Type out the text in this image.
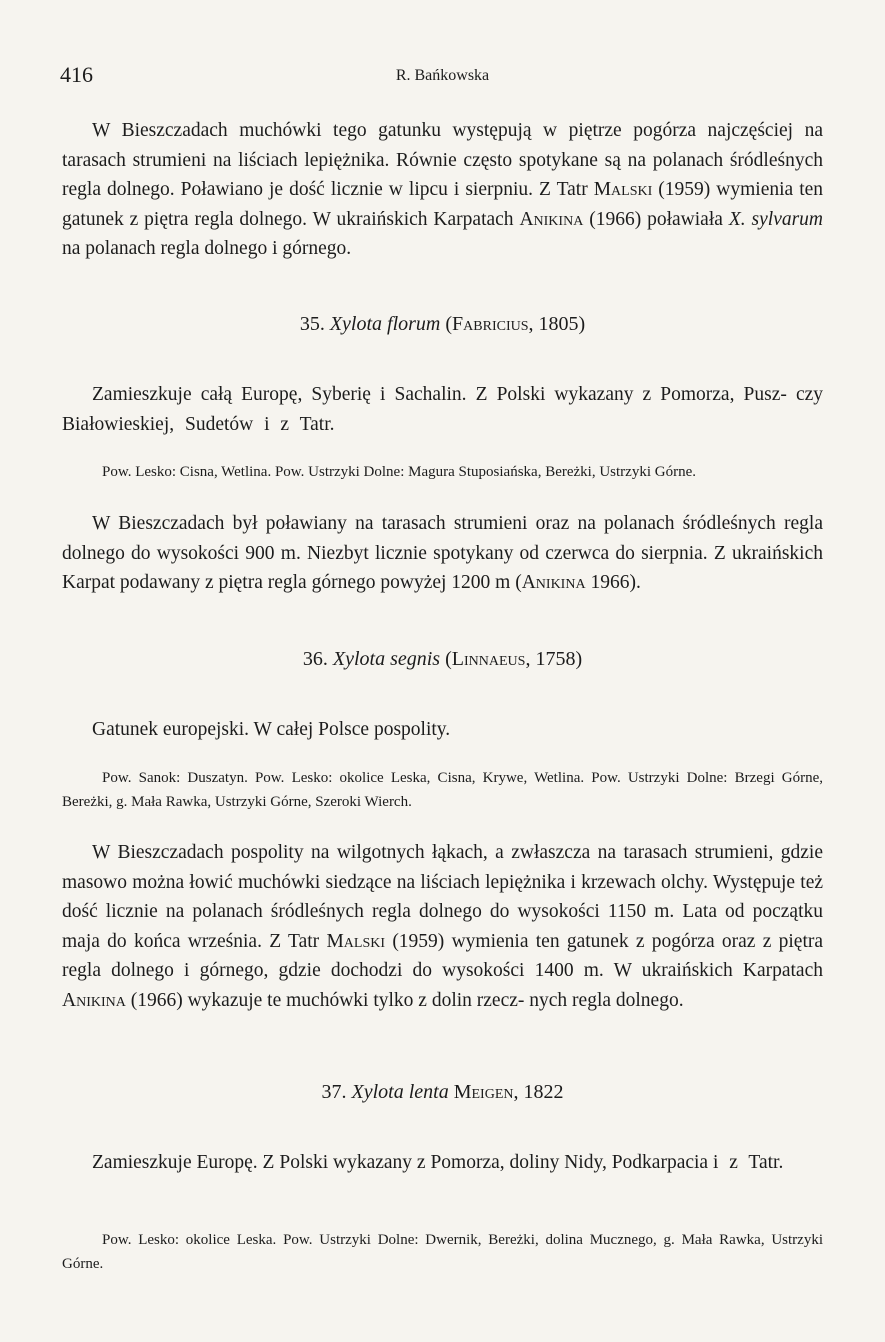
416	R. Bańkowska
W Bieszczadach muchówki tego gatunku występują w piętrze pogórza najczęściej na tarasach strumieni na liściach lepiężnika. Równie często spotykane są na polanach śródleśnych regla dolnego. Poławiano je dość licznie w lipcu i sierpniu. Z Tatr Malski (1959) wymienia ten gatunek z piętra regla dolnego. W ukraińskich Karpatach Anikina (1966) poławiała X. sylvarum na polanach regla dolnego i górnego.
35. Xylota florum (Fabricius, 1805)
Zamieszkuje całą Europę, Syberię i Sachalin. Z Polski wykazany z Pomorza, Pusz- czy Białowieskiej, Sudetów i z Tatr.
Pow. Lesko: Cisna, Wetlina. Pow. Ustrzyki Dolne: Magura Stuposiańska, Bereżki, Ustrzyki Górne.
W Bieszczadach był poławiany na tarasach strumieni oraz na polanach śródleśnych regla dolnego do wysokości 900 m. Niezbyt licznie spotykany od czerwca do sierpnia. Z ukraińskich Karpat podawany z piętra regla górnego powyżej 1200 m (Anikina 1966).
36. Xylota segnis (Linnaeus, 1758)
Gatunek europejski. W całej Polsce pospolity.
Pow. Sanok: Duszatyn. Pow. Lesko: okolice Leska, Cisna, Krywe, Wetlina. Pow. Ustrzyki Dolne: Brzegi Górne, Bereżki, g. Mała Rawka, Ustrzyki Górne, Szeroki Wierch.
W Bieszczadach pospolity na wilgotnych łąkach, a zwłaszcza na tarasach strumieni, gdzie masowo można łowić muchówki siedzące na liściach lepiężnika i krzewach olchy. Występuje też dość licznie na polanach śródleśnych regla dolnego do wysokości 1150 m. Lata od początku maja do końca września. Z Tatr Malski (1959) wymienia ten gatunek z pogórza oraz z piętra regla dolnego i górnego, gdzie dochodzi do wysokości 1400 m. W ukraińskich Karpatach Anikina (1966) wykazuje te muchówki tylko z dolin rzecz- nych regla dolnego.
37. Xylota lenta Meigen, 1822
Zamieszkuje Europę. Z Polski wykazany z Pomorza, doliny Nidy, Podkarpacia i z Tatr.
Pow. Lesko: okolice Leska. Pow. Ustrzyki Dolne: Dwernik, Bereżki, dolina Mucznego, g. Mała Rawka, Ustrzyki Górne.
